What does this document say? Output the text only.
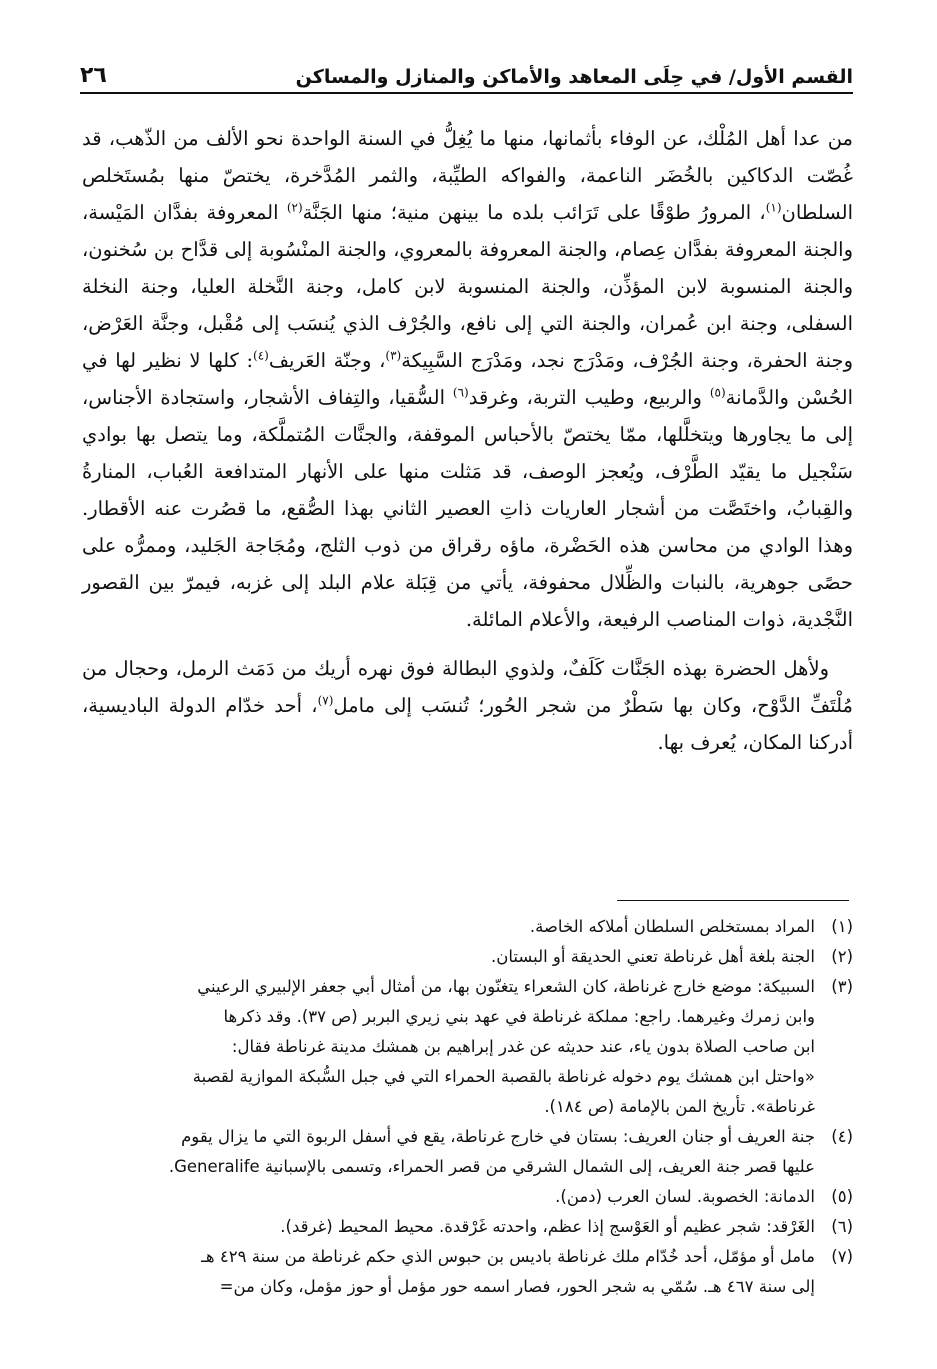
القسم الأول/ في حِلَى المعاهد والأماكن والمنازل والمساكن
٢٦

من عدا أهل المُلْك، عن الوفاء بأثمانها، منها ما يُغِلُّ في السنة الواحدة نحو الألف من الذّهب، قد غُصّت الدكاكين بالخُضَر الناعمة، والفواكه الطيِّبة، والثمر المُدَّخرة، يختصّ منها بمُستَخلص السلطان$^{(١)}$، المرورُ طوْقًا على تَرَائب بلده ما بينهن منية؛ منها الجَنَّة$^{(٢)}$ المعروفة بفدَّان المَيْسة، والجنة المعروفة بفدَّان عِصام، والجنة المعروفة بالمعروي، والجنة المنْسُوبة إلى قدَّاح بن سُخنون، والجنة المنسوبة لابن المؤذِّن، والجنة المنسوبة لابن كامل، وجنة النَّخلة العليا، وجنة النخلة السفلى، وجنة ابن عُمران، والجنة التي إلى نافع، والجُرْف الذي يُنسَب إلى مُقْبل، وجنَّة العَرْض، وجنة الحفرة، وجنة الجُرْف، ومَدْرَج نجد، ومَدْرَج السَّبِيكة$^{(٣)}$، وجنّة العَريف$^{(٤)}$: كلها لا نظير لها في الحُسْن والدَّمانة$^{(٥)}$ والربيع، وطيب التربة، وغرقد$^{(٦)}$ السُّقيا، والتِفاف الأشجار، واستجادة الأجناس، إلى ما يجاورها ويتخلَّلها، ممّا يختصّ بالأحباس الموقفة، والجنَّات المُتملَّكة، وما يتصل بها بوادي سَنْجيل ما يقيّد الطَّرْف، ويُعجز الوصف، قد مَثلت منها على الأنهار المتدافعة العُباب، المنارةُ والقِبابُ، واختَصَّت من أشجار العاريات ذاتِ العصير الثاني بهذا الصُّقع، ما قصُرت عنه الأقطار. وهذا الوادي من محاسن هذه الحَضْرة، ماؤه رقراق من ذوب الثلج، ومُجَاجة الجَليد، وممرُّه على حصًى جوهرية، بالنبات والظِّلال محفوفة، يأتي من قِبَلة علام البلد إلى غزبه، فيمرّ بين القصور النَّجْدية، ذوات المناصب الرفيعة، والأعلام المائلة.

ولأهل الحضرة بهذه الجَنَّات كَلَفٌ، ولذوي البطالة فوق نهره أريك من دَمَث الرمل، وحجال من مُلْتَفِّ الدَّوْح، وكان بها سَطْرٌ من شجر الحُور؛ تُنسَب إلى مامل$^{(٧)}$، أحد خدّام الدولة الباديسية، أدركنا المكان، يُعرف بها.

(١)
المراد بمستخلص السلطان أملاكه الخاصة.
(٢)
الجنة بلغة أهل غرناطة تعني الحديقة أو البستان.
(٣)
السبيكة: موضع خارج غرناطة، كان الشعراء يتغنّون بها، من أمثال أبي جعفر الإلبيري الرعيني
وابن زمرك وغيرهما. راجع: مملكة غرناطة في عهد بني زيري البربر (ص ٣٧). وقد ذكرها
ابن صاحب الصلاة بدون ياء، عند حديثه عن غدر إبراهيم بن همشك مدينة غرناطة فقال:
«واحتل ابن همشك يوم دخوله غرناطة بالقصبة الحمراء التي في جبل السُّبكة الموازية لقصبة
غرناطة». تأريخ المن بالإمامة (ص ١٨٤).
(٤)
جنة العريف أو جنان العريف: بستان في خارج غرناطة، يقع في أسفل الربوة التي ما يزال يقوم
عليها قصر جنة العريف، إلى الشمال الشرقي من قصر الحمراء، وتسمى بالإسبانية Generalife.
(٥)
الدمانة: الخصوبة. لسان العرب (دمن).
(٦)
الغَرْقد: شجر عظيم أو العَوْسج إذا عظم، واحدته غَرْقدة. محيط المحيط (غرقد).
(٧)
مامل أو مؤمّل، أحد خُدّام ملك غرناطة باديس بن حبوس الذي حكم غرناطة من سنة ٤٢٩ هـ
إلى سنة ٤٦٧ هـ. سُمّي به شجر الحور، فصار اسمه حور مؤمل أو حوز مؤمل، وكان من=
